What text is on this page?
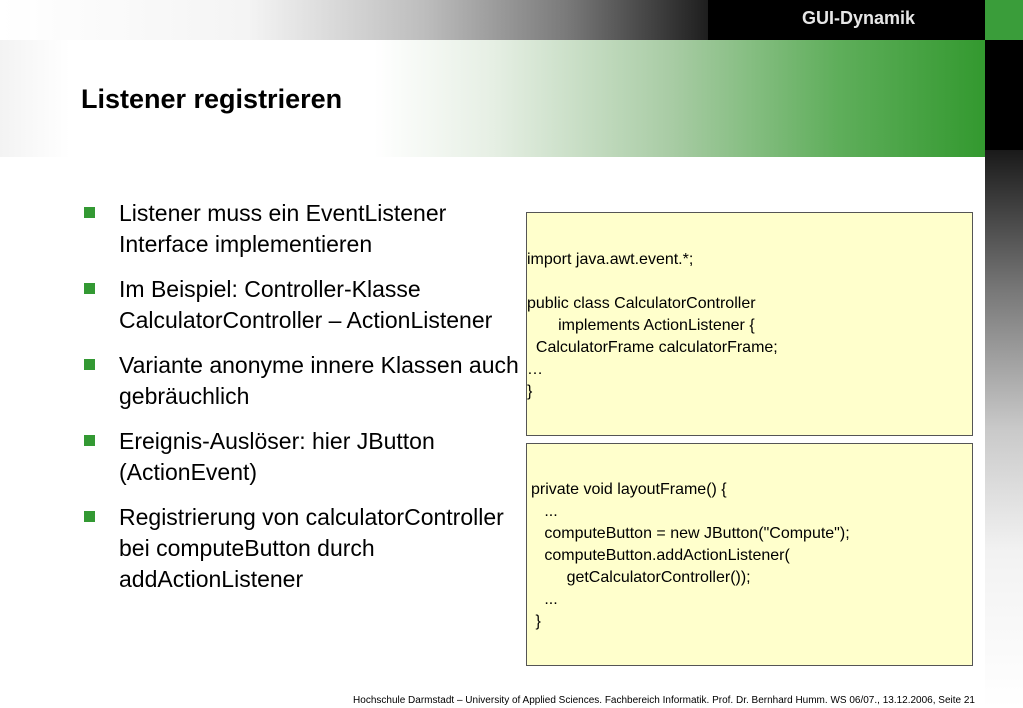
GUI-Dynamik
Listener registrieren
Listener muss ein EventListener Interface implementieren
Im Beispiel: Controller-Klasse CalculatorController – ActionListener
Variante anonyme innere Klassen auch gebräuchlich
Ereignis-Auslöser: hier JButton (ActionEvent)
Registrierung von calculatorController bei computeButton durch addActionListener
import java.awt.event.*;

public class CalculatorController
implements ActionListener {
CalculatorFrame calculatorFrame;
…
}
private void layoutFrame() {
...
computeButton = new JButton("Compute");
computeButton.addActionListener(
getCalculatorController());
...
}
Hochschule Darmstadt – University of Applied Sciences. Fachbereich Informatik. Prof. Dr. Bernhard Humm. WS 06/07., 13.12.2006, Seite 21
